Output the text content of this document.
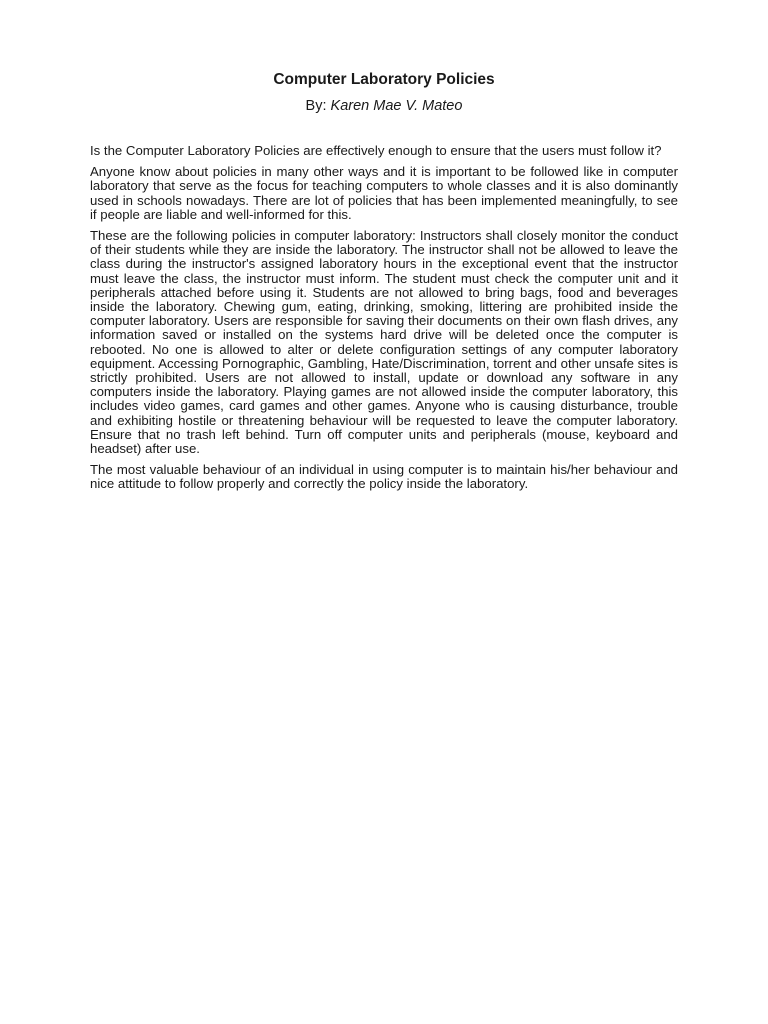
Computer Laboratory Policies

By: Karen Mae V. Mateo

Is the Computer Laboratory Policies are effectively enough to ensure that the users must follow it?

Anyone know about policies in many other ways and it is important to be followed like in computer laboratory that serve as the focus for teaching computers to whole classes and it is also dominantly used in schools nowadays. There are lot of policies that has been implemented meaningfully, to see if people are liable and well-informed for this.

These are the following policies in computer laboratory: Instructors shall closely monitor the conduct of their students while they are inside the laboratory. The instructor shall not be allowed to leave the class during the instructor's assigned laboratory hours in the exceptional event that the instructor must leave the class, the instructor must inform. The student must check the computer unit and it peripherals attached before using it. Students are not allowed to bring bags, food and beverages inside the laboratory. Chewing gum, eating, drinking, smoking, littering are prohibited inside the computer laboratory. Users are responsible for saving their documents on their own flash drives, any information saved or installed on the systems hard drive will be deleted once the computer is rebooted. No one is allowed to alter or delete configuration settings of any computer laboratory equipment. Accessing Pornographic, Gambling, Hate/Discrimination, torrent and other unsafe sites is strictly prohibited. Users are not allowed to install, update or download any software in any computers inside the laboratory. Playing games are not allowed inside the computer laboratory, this includes video games, card games and other games. Anyone who is causing disturbance, trouble and exhibiting hostile or threatening behaviour will be requested to leave the computer laboratory. Ensure that no trash left behind. Turn off computer units and peripherals (mouse, keyboard and headset) after use.

The most valuable behaviour of an individual in using computer is to maintain his/her behaviour and nice attitude to follow properly and correctly the policy inside the laboratory.
